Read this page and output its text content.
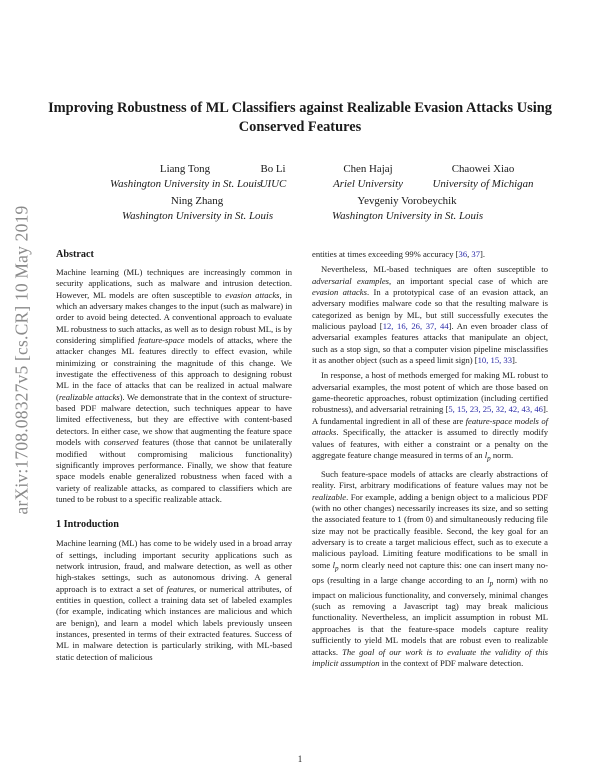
arXiv:1708.08327v5 [cs.CR] 10 May 2019
Improving Robustness of ML Classifiers against Realizable Evasion Attacks Using Conserved Features
Liang Tong
Washington University in St. Louis
Bo Li
UIUC
Chen Hajaj
Ariel University
Chaowei Xiao
University of Michigan
Ning Zhang
Washington University in St. Louis
Yevgeniy Vorobeychik
Washington University in St. Louis
Abstract

Machine learning (ML) techniques are increasingly common in security applications, such as malware and intrusion detection. However, ML models are often susceptible to evasion attacks, in which an adversary makes changes to the input (such as malware) in order to avoid being detected. A conventional approach to evaluate ML robustness to such attacks, as well as to design robust ML, is by considering simplified feature-space models of attacks, where the attacker changes ML features directly to effect evasion, while minimizing or constraining the magnitude of this change. We investigate the effectiveness of this approach to designing robust ML in the face of attacks that can be realized in actual malware (realizable attacks). We demonstrate that in the context of structure-based PDF malware detection, such techniques appear to have limited effectiveness, but they are effective with content-based detectors. In either case, we show that augmenting the feature space models with conserved features (those that cannot be unilaterally modified without compromising malicious functionality) significantly improves performance. Finally, we show that feature space models enable generalized robustness when faced with a variety of realizable attacks, as compared to classifiers which are tuned to be robust to a specific realizable attack.

1 Introduction

Machine learning (ML) has come to be widely used in a broad array of settings, including important security applications such as network intrusion, fraud, and malware detection, as well as other high-stakes settings, such as autonomous driving. A general approach is to extract a set of features, or numerical attributes, of entities in question, collect a training data set of labeled examples (for example, indicating which instances are malicious and which are benign), and learn a model which labels previously unseen instances, presented in terms of their extracted features. Success of ML in malware detection is particularly striking, with ML-based static detection of malicious

entities at times exceeding 99% accuracy [36, 37].

Nevertheless, ML-based techniques are often susceptible to adversarial examples, an important special case of which are evasion attacks. In a prototypical case of an evasion attack, an adversary modifies malware code so that the resulting malware is categorized as benign by ML, but still successfully executes the malicious payload [12, 16, 26, 37, 44]. An even broader class of adversarial examples features attacks that manipulate an object, such as a stop sign, so that a computer vision pipeline misclassifies it as another object (such as a speed limit sign) [10, 15, 33].

In response, a host of methods emerged for making ML robust to adversarial examples, the most potent of which are those based on game-theoretic approaches, robust optimization (including certified robustness), and adversarial retraining [5, 15, 23, 25, 32, 42, 43, 46]. A fundamental ingredient in all of these are feature-space models of attacks. Specifically, the attacker is assumed to directly modify values of features, with either a constraint or a penalty on the aggregate feature change measured in terms of an $l_p$ norm.

Such feature-space models of attacks are clearly abstractions of reality. First, arbitrary modifications of feature values may not be realizable. For example, adding a benign object to a malicious PDF (with no other changes) necessarily increases its size, and so setting the associated feature to 1 (from 0) and simultaneously reducing file size may not be practically feasible. Second, the key goal for an adversary is to create a target malicious effect, such as to execute a malicious payload. Limiting feature modifications to be small in some $l_p$ norm clearly need not capture this: one can insert many no-ops (resulting in a large change according to an $l_p$ norm) with no impact on malicious functionality, and conversely, minimal changes (such as removing a Javascript tag) may break malicious functionality. Nevertheless, an implicit assumption in robust ML approaches is that the feature-space models capture reality sufficiently to yield ML models that are robust even to realizable attacks. The goal of our work is to evaluate the validity of this implicit assumption in the context of PDF malware detection.

1
